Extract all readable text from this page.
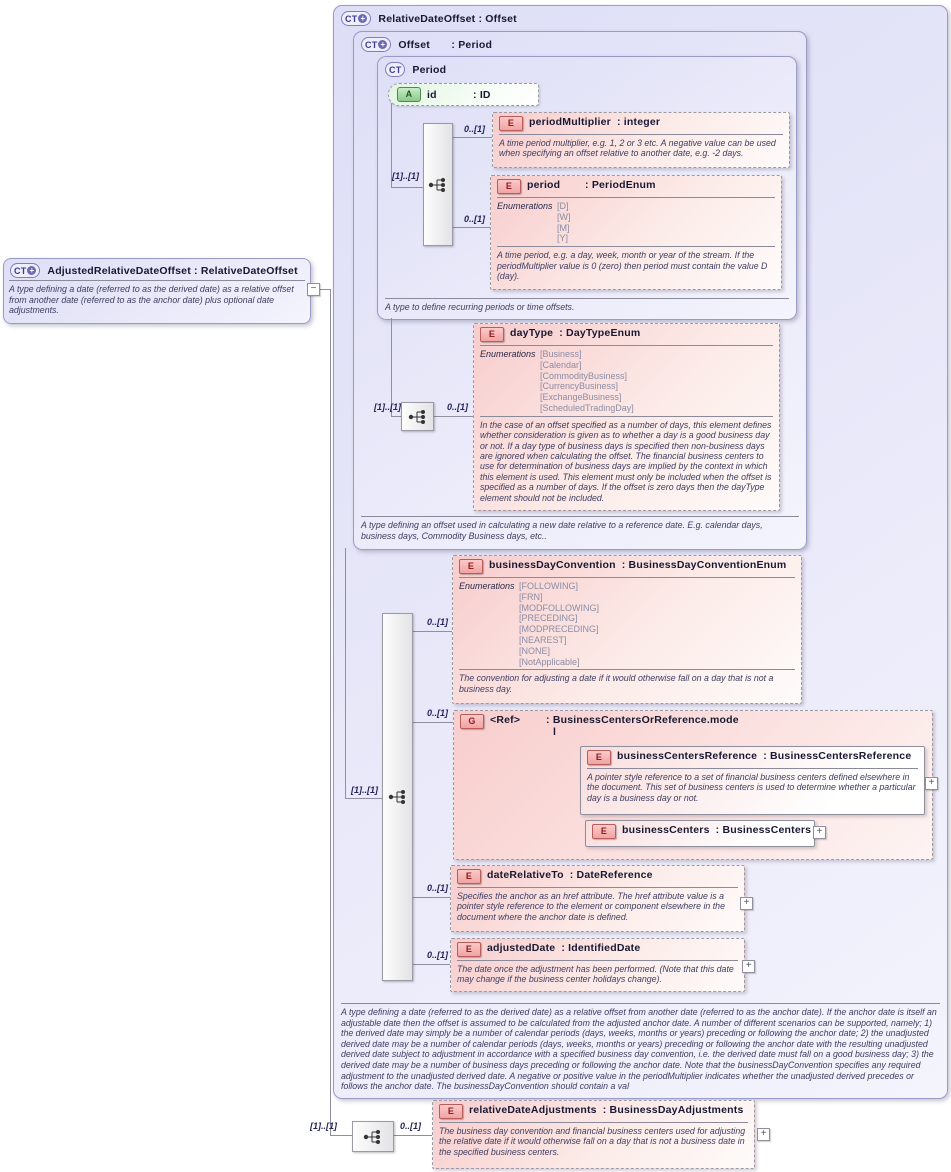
CT + RelativeDateOffset : Offset
A type defining a date (referred to as the derived date) as a relative offset from another date (referred to as the anchor date). If the anchor date is itself an adjustable date then the offset is assumed to be calculated from the adjusted anchor date. A number of different scenarios can be supported, namely; 1) the derived date may simply be a number of calendar periods (days, weeks, months or years) preceding or following the anchor date; 2) the unadjusted derived date may be a number of calendar periods (days, weeks, months or years) preceding or following the anchor date with the resulting unadjusted derived date subject to adjustment in accordance with a specified business day convention, i.e. the derived date must fall on a good business day; 3) the derived date may be a number of business days preceding or following the anchor date. Note that the businessDayConvention specifies any required adjustment to the unadjusted derived date. A negative or positive value in the periodMultiplier indicates whether the unadjusted derived precedes or follows the anchor date. The businessDayConvention should contain a val
CT + Offset	: Period
A type defining an offset used in calculating a new date relative to a reference date. E.g. calendar days, business days, Commodity Business days, etc..
CT Period
A type to define recurring periods or time offsets.
CT + AdjustedRelativeDateOffset : RelativeDateOffset
A type defining a date (referred to as the derived date) as a relative offset from another date (referred to as the anchor date) plus optional date adjustments.
−
A	id	: ID
[1]..[1]
0..[1]
0..[1]
[1]..[1]	0..[1]
[1]..[1]
0..[1]
0..[1]
0..[1]
0..[1]
[1]..[1]	0..[1]
E	periodMultiplier : integer
A time period multiplier, e.g. 1, 2 or 3 etc. A negative value can be used when specifying an offset relative to another date, e.g. -2 days.
E	period	: PeriodEnum
Enumerations [D]
[W]
[M]
[Y]
A time period, e.g. a day, week, month or year of the stream. If the periodMultiplier value is 0 (zero) then period must contain the value D (day).
E	dayType : DayTypeEnum
Enumerations [Business]
[Calendar]
[CommodityBusiness]
[CurrencyBusiness]
[ExchangeBusiness]
[ScheduledTradingDay]
In the case of an offset specified as a number of days, this element defines whether consideration is given as to whether a day is a good business day or not. If a day type of business days is specified then non-business days are ignored when calculating the offset. The financial business centers to use for determination of business days are implied by the context in which this element is used. This element must only be included when the offset is specified as a number of days. If the offset is zero days then the dayType element should not be included.
E	businessDayConvention : BusinessDayConventionEnum
Enumerations [FOLLOWING]
[FRN]
[MODFOLLOWING]
[PRECEDING]
[MODPRECEDING]
[NEAREST]
[NONE]
[NotApplicable]
The convention for adjusting a date if it would otherwise fall on a day that is not a business day.
G	<Ref>	: BusinessCentersOrReference.mode
l
E	businessCentersReference : BusinessCentersReference
A pointer style reference to a set of financial business centers defined elsewhere in the document. This set of business centers is used to determine whether a particular day is a business day or not.
E	businessCenters : BusinessCenters
E	dateRelativeTo : DateReference
Specifies the anchor as an href attribute. The href attribute value is a pointer style reference to the element or component elsewhere in the document where the anchor date is defined.
E	adjustedDate : IdentifiedDate
The date once the adjustment has been performed. (Note that this date may change if the business center holidays change).
E	relativeDateAdjustments : BusinessDayAdjustments
The business day convention and financial business centers used for adjusting the relative date if it would otherwise fall on a day that is not a business date in the specified business centers.
+
+
+
+
+
